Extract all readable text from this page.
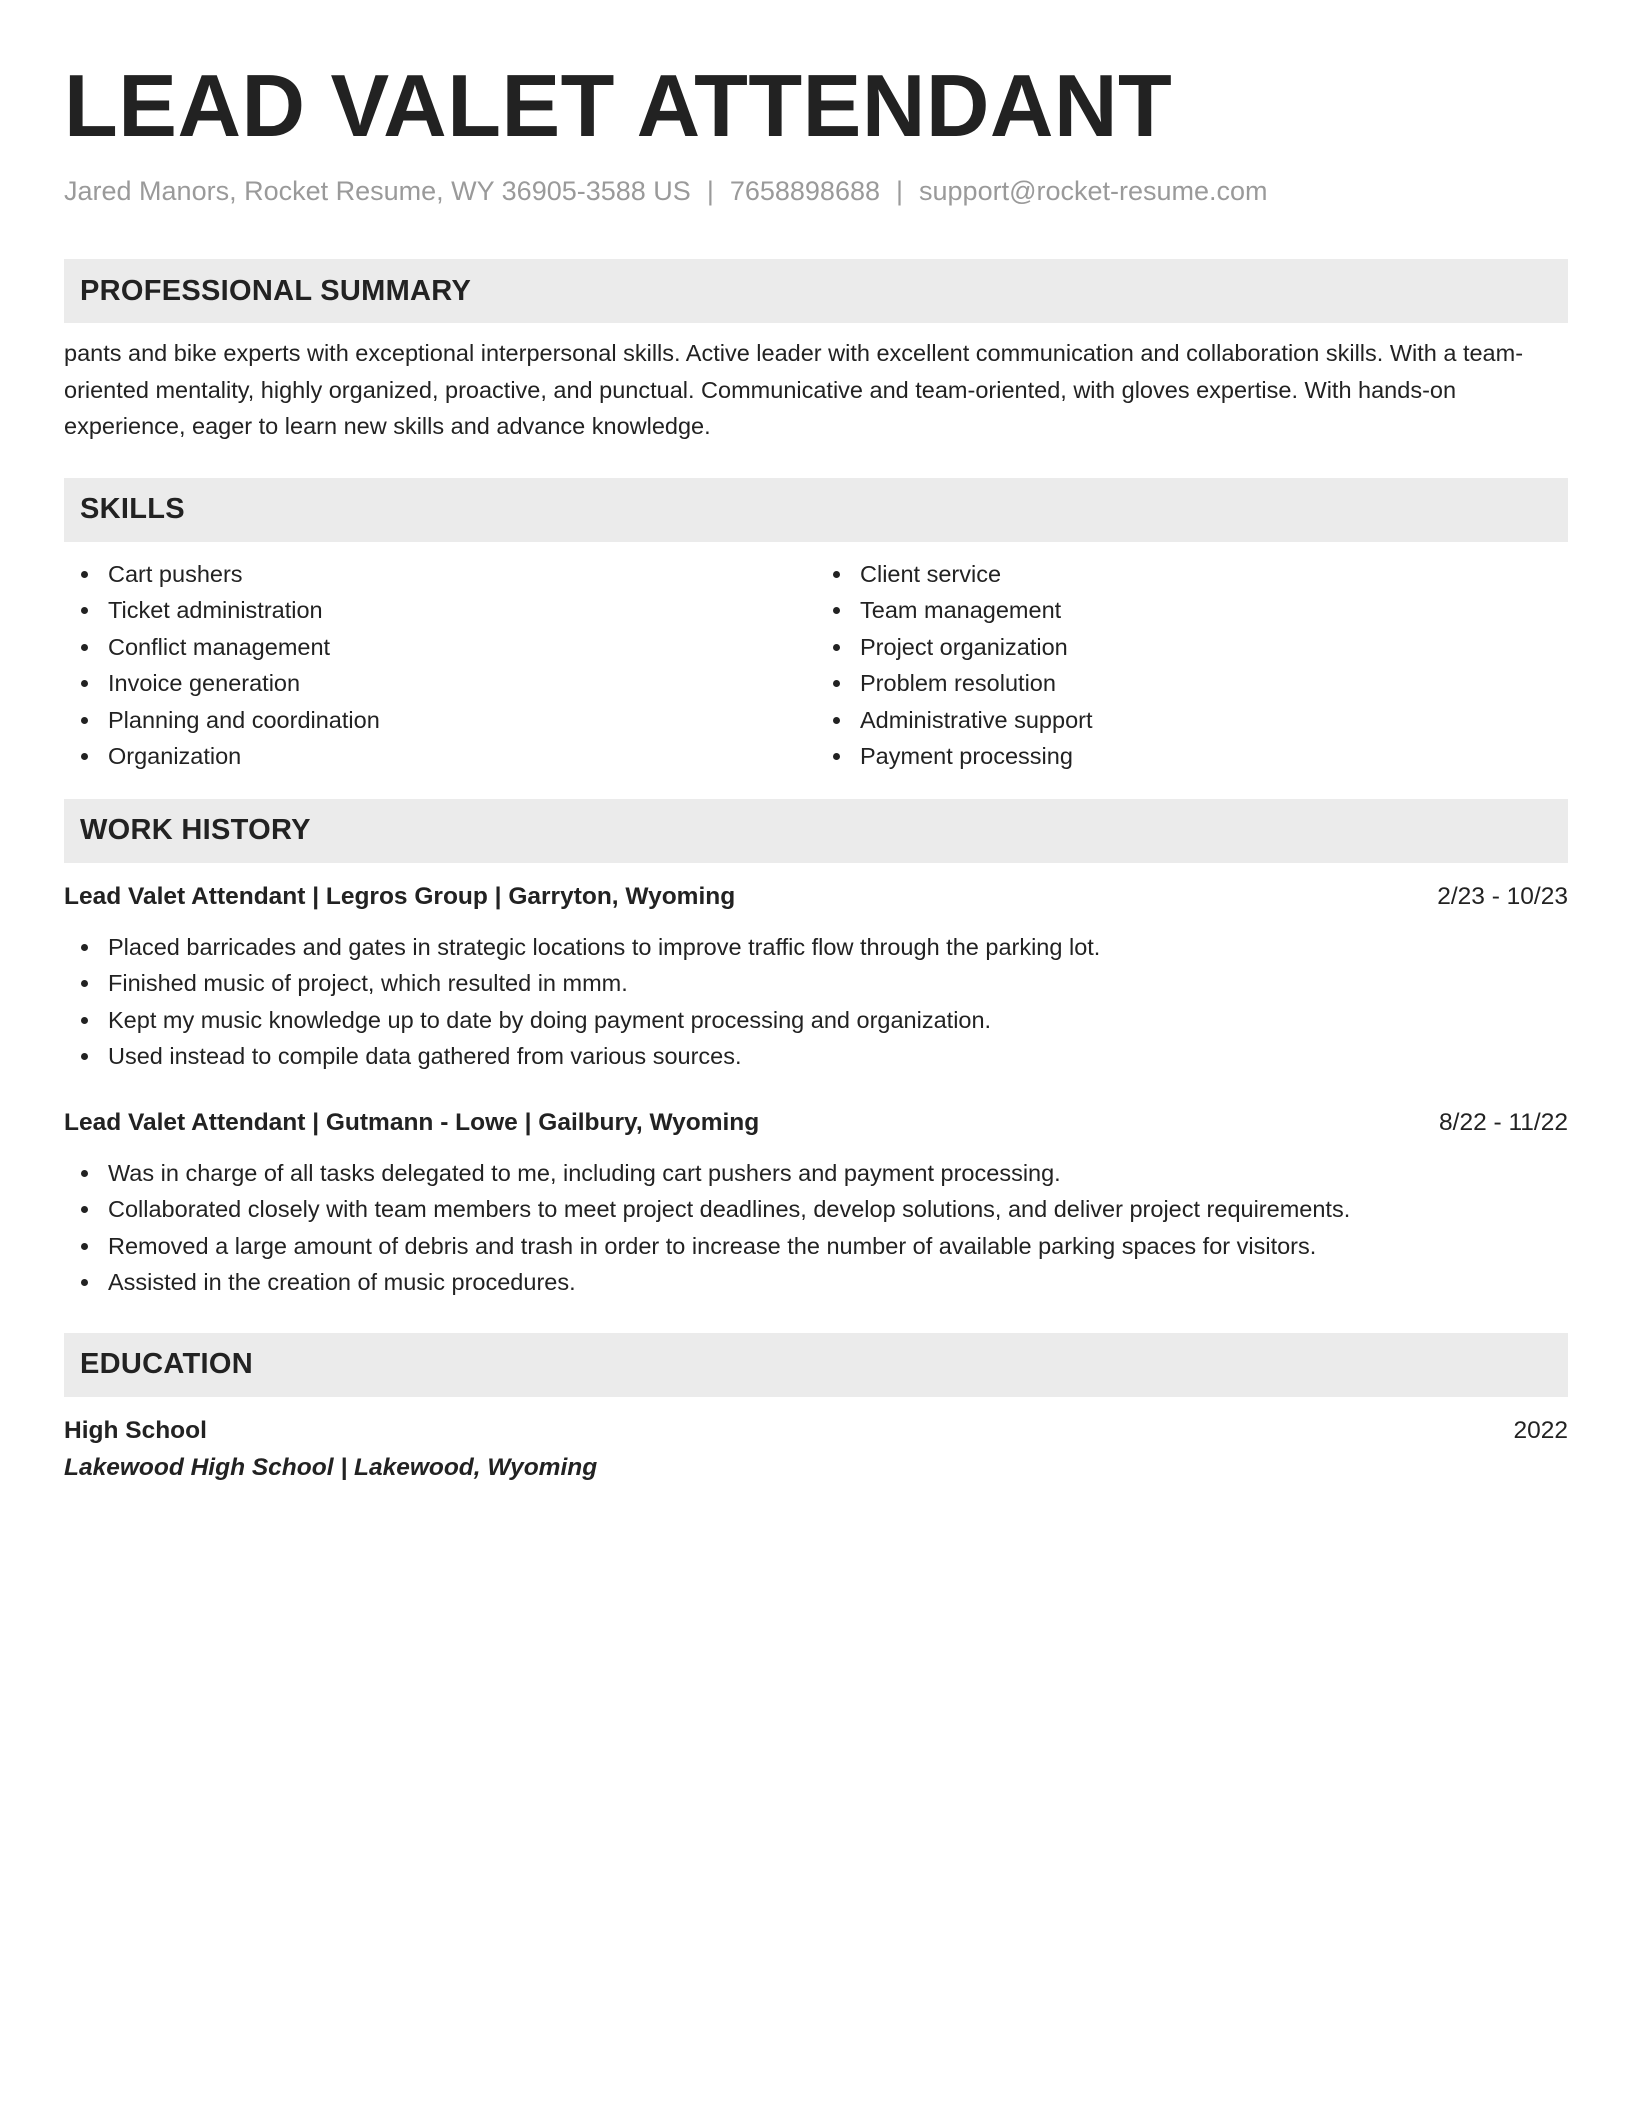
LEAD VALET ATTENDANT
Jared Manors, Rocket Resume, WY 36905-3588 US | 7658898688 | support@rocket-resume.com
PROFESSIONAL SUMMARY
pants and bike experts with exceptional interpersonal skills. Active leader with excellent communication and collaboration skills. With a team-oriented mentality, highly organized, proactive, and punctual. Communicative and team-oriented, with gloves expertise. With hands-on experience, eager to learn new skills and advance knowledge.
SKILLS
Cart pushers
Ticket administration
Conflict management
Invoice generation
Planning and coordination
Organization
Client service
Team management
Project organization
Problem resolution
Administrative support
Payment processing
WORK HISTORY
Lead Valet Attendant | Legros Group | Garryton, Wyoming	2/23 - 10/23
Placed barricades and gates in strategic locations to improve traffic flow through the parking lot.
Finished music of project, which resulted in mmm.
Kept my music knowledge up to date by doing payment processing and organization.
Used instead to compile data gathered from various sources.
Lead Valet Attendant | Gutmann - Lowe | Gailbury, Wyoming	8/22 - 11/22
Was in charge of all tasks delegated to me, including cart pushers and payment processing.
Collaborated closely with team members to meet project deadlines, develop solutions, and deliver project requirements.
Removed a large amount of debris and trash in order to increase the number of available parking spaces for visitors.
Assisted in the creation of music procedures.
EDUCATION
High School	2022
Lakewood High School | Lakewood, Wyoming
